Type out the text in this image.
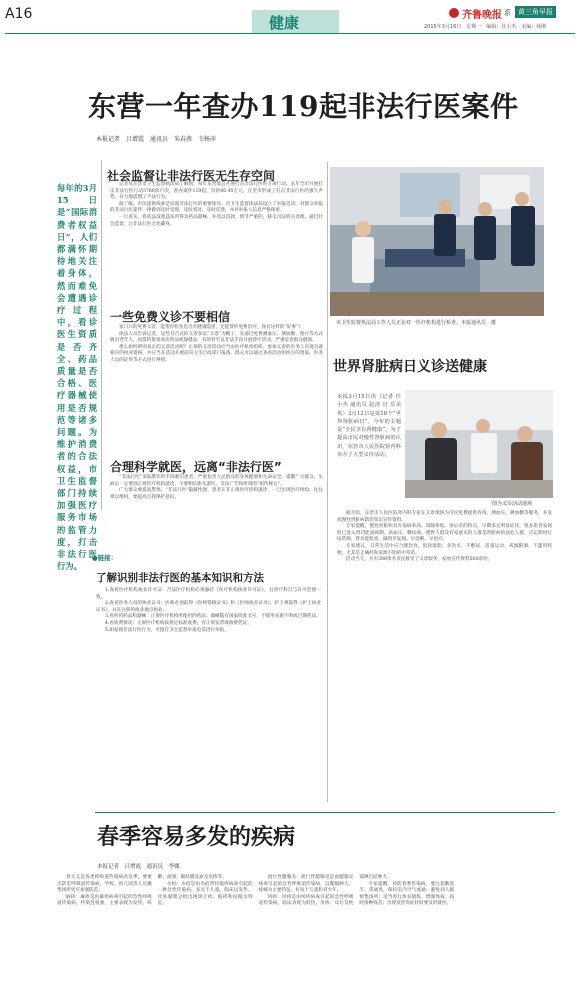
A16	健康	齐鲁晚报 系	黄三角早报
2015年3月16日　星期一　编辑：任小杰　美编：杨刚
东营一年查办119起非法行医案件
本报记者　吕增霞　通讯员　朱春燕　韦杨萍
每年的3月15日是“国际消费者权益日”，人们都满怀期待地关注着身体，然而难免会遭遇诊疗过程中，看诊医生资质是否齐全、药品质量是否合格、医疗器械使用是否规范等诸多问题。为维护消费者的合法权益，市卫生监督部门持续加强医疗服务市场的监管力度，打击非法行医行为。
社会监督让非法行医无生存空间

记者从东营市卫生监督执法局了解到，每年东营都会开展打击非法行医的专项行动。去年全市开展打击非法行医行动3760余户次，查办案件119起，罚款46.45万元，在全市形成了打击非法行医的强大声势，有力地震慑了不法行为。

据了解，市民提供线索是发现非法行医的重要途径。市卫生监督执法局设立了举报电话，对群众举报的非法行医案件一律做到及时受理、及时查处、及时反馈，并对举报人信息严格保密。

一旦查实，将依法没收违法所得及药品器械，并处以罚款；情节严重的，移交司法机关处理。通过社会监督，让非法行医无处藏身。

一些免费义诊不要相信

家门口的免费义诊，能帮你检查是否有健康隐患，还能帮你免费治疗，真有这样的“好事”？

执法人员告诉记者，这些号召式的义诊多以“义诊”为幌子，先通过免费测血压、测血糖、理疗等方式吸引老年人，再借机推销高价药品或保健品，有的甚至以非法手段开展诊疗活动，严重危害群众健康。

那么如何辨别真正的义诊活动呢？正规的义诊活动应当由医疗机构组织，参加义诊的医务人员须具备相应的执业资格，并应当在活动开展前向卫生行政部门报备。群众可以通过查看活动组织方的资质、医务人员的证件等方式进行辨别。

合理科学就医，远离“非法行医”

“非法行医”采取欺诈的手段吸引患者，严重危害人民群众的身体健康和生命安全。提醒广大群众，生病后一定要到正规医疗机构就诊，不要相信街头游医、非法广告和所谓的“祖传秘方”。

广大群众要提高警惕，“非法行医”隐蔽性强，患者在非正规医疗机构就诊，一旦出现医疗纠纷，往往难以维权，要提高自我保护意识。

●链接：
了解识别非法行医的基本知识和方法

1.查看医疗机构执业许可证：合法医疗机构必须悬挂《医疗机构执业许可证》，且诊疗科目与许可范围一致。

2.查看医务人员的执业证书：医师必须取得《医师资格证书》和《医师执业证书》，护士须取得《护士执业证书》，并在注册的执业地点执业。

3.看所用药品和器械：正规医疗机构所使用的药品、器械都有国家批准文号，不使用来源不明或过期药品。

4.看收费情况：正规医疗机构按规定标准收费，有正规发票或收费凭证。

5.如发现非法行医行为，可拨打卫生监督举报电话进行举报。

市卫生监督执法局工作人员正在对一医疗机构进行检查。本报通讯员　摄
世界肾脏病日义诊送健康
本报3月15日讯（记者 任小杰 通讯员 赵清 宫 岳美英）3月12日是第10个“世界肾脏病日”，今年的主题是“全民享有肾健康”。为了提高市民对慢性肾脏病的认识，东营市人民医院肾内科举办了大型义诊活动。
图为义诊活动现场

据介绍，东营市人民医院肾内科专家在义诊现场为市民免费提供咨询、测血压、测血糖等服务，并发放慢性肾脏病防治知识宣传资料。

专家提醒，慢性肾脏病具有发病率高、知晓率低、预后差的特点，早期多无明显症状，很多患者发现时已进入肾功能衰竭期。高血压、糖尿病、肥胖人群及有家族史的人群是肾脏病的高危人群，应定期进行尿常规、肾功能检查，做到早发现、早诊断、早治疗。

专家建议，日常生活中应合理饮食，低盐低脂，多饮水，不憋尿，适量运动，戒烟限酒，不滥用药物，尤其是止痛药和来源不明的中草药。

活动当天，共有300余名市民接受了义诊服务，发放宣传资料500余份。

春季容易多发的疾病
本报记者　吕增霞　通讯员　李娜

春天又是各类呼吸道传染病高发季，要重点防范呼吸道传染病，学校、幼儿园等人员聚集场所更应加强防范。

麻疹：麻疹是由麻疹病毒引起的急性呼吸道传染病，传染性很强，主要表现为发热、咳嗽、流涕、眼结膜充血及皮疹等。

水痘：水痘是由水痘带状疱疹病毒引起的一种急性传染病，多见于儿童，临床以发热、皮肤黏膜分批出现斑丘疹、疱疹和结痂为特征。

流行性腮腺炎：流行性腮腺炎是由腮腺炎病毒引起的急性呼吸道传染病，以腮腺肿大、疼痛为主要特征，好发于儿童和青少年。

风疹：风疹是由风疹病毒引起的急性呼吸道传染病，临床表现为低热、皮疹、耳后及枕部淋巴结肿大。

专家提醒，预防春季传染病，要注意勤洗手、常通风，保持室内空气流通；避免到人群密集场所；适当进行体育锻炼，增强体质；按时接种疫苗；出现发热等症状时要及时就医。
